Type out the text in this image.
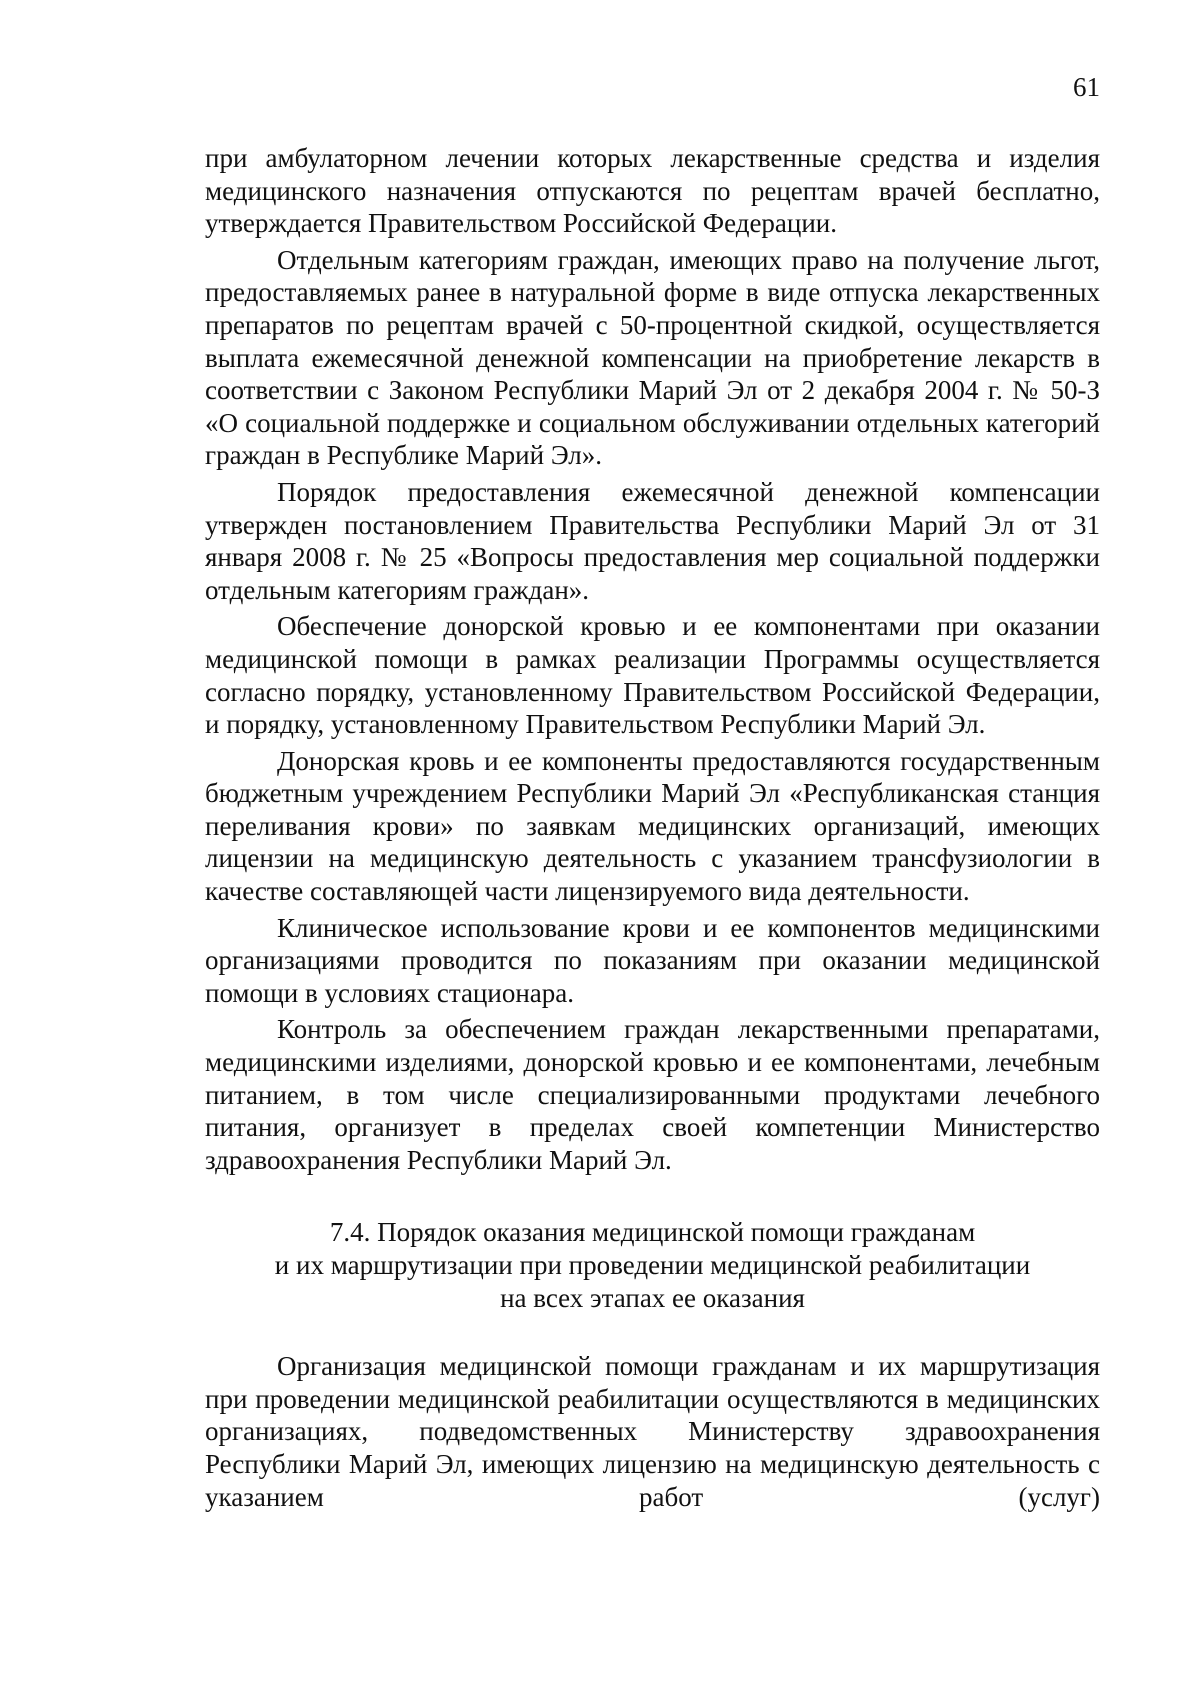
61

при амбулаторном лечении которых лекарственные средства и изделия медицинского назначения отпускаются по рецептам врачей бесплатно, утверждается Правительством Российской Федерации.

Отдельным категориям граждан, имеющих право на получение льгот, предоставляемых ранее в натуральной форме в виде отпуска лекарственных препаратов по рецептам врачей с 50-процентной скидкой, осуществляется выплата ежемесячной денежной компенсации на приобретение лекарств в соответствии с Законом Республики Марий Эл от 2 декабря 2004 г. № 50-З «О социальной поддержке и социальном обслуживании отдельных категорий граждан в Республике Марий Эл».

Порядок предоставления ежемесячной денежной компенсации утвержден постановлением Правительства Республики Марий Эл от 31 января 2008 г. № 25 «Вопросы предоставления мер социальной поддержки отдельным категориям граждан».

Обеспечение донорской кровью и ее компонентами при оказании медицинской помощи в рамках реализации Программы осуществляется согласно порядку, установленному Правительством Российской Федерации, и порядку, установленному Правительством Республики Марий Эл.

Донорская кровь и ее компоненты предоставляются государственным бюджетным учреждением Республики Марий Эл «Республиканская станция переливания крови» по заявкам медицинских организаций, имеющих лицензии на медицинскую деятельность с указанием трансфузиологии в качестве составляющей части лицензируемого вида деятельности.

Клиническое использование крови и ее компонентов медицинскими организациями проводится по показаниям при оказании медицинской помощи в условиях стационара.

Контроль за обеспечением граждан лекарственными препаратами, медицинскими изделиями, донорской кровью и ее компонентами, лечебным питанием, в том числе специализированными продуктами лечебного питания, организует в пределах своей компетенции Министерство здравоохранения Республики Марий Эл.

7.4. Порядок оказания медицинской помощи гражданам
и их маршрутизации при проведении медицинской реабилитации
на всех этапах ее оказания

Организация медицинской помощи гражданам и их маршрутизация при проведении медицинской реабилитации осуществляются в медицинских организациях, подведомственных Министерству здравоохранения Республики Марий Эл, имеющих лицензию на медицинскую деятельность с указанием работ (услуг)
